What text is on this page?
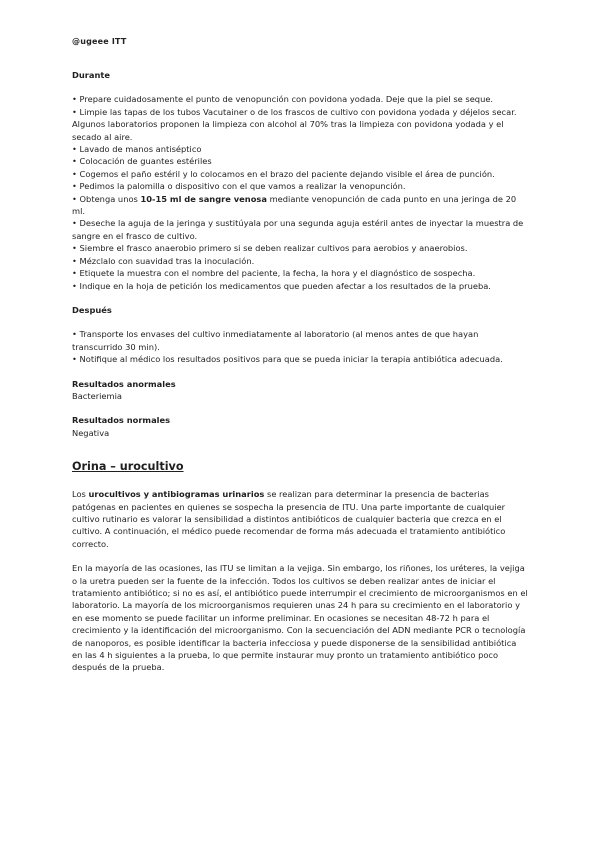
@ugeee ITT

Durante

• Prepare cuidadosamente el punto de venopunción con povidona yodada. Deje que la piel se seque.
• Limpie las tapas de los tubos Vacutainer o de los frascos de cultivo con povidona yodada y déjelos secar. Algunos laboratorios proponen la limpieza con alcohol al 70% tras la limpieza con povidona yodada y el secado al aire.
• Lavado de manos antiséptico
• Colocación de guantes estériles
• Cogemos el paño estéril y lo colocamos en el brazo del paciente dejando visible el área de punción.
• Pedimos la palomilla o dispositivo con el que vamos a realizar la venopunción.
• Obtenga unos 10-15 ml de sangre venosa mediante venopunción de cada punto en una jeringa de 20 ml.
• Deseche la aguja de la jeringa y sustitúyala por una segunda aguja estéril antes de inyectar la muestra de sangre en el frasco de cultivo.
• Siembre el frasco anaerobio primero si se deben realizar cultivos para aerobios y anaerobios.
• Mézclalo con suavidad tras la inoculación.
• Etiquete la muestra con el nombre del paciente, la fecha, la hora y el diagnóstico de sospecha.
• Indique en la hoja de petición los medicamentos que pueden afectar a los resultados de la prueba.

Después

• Transporte los envases del cultivo inmediatamente al laboratorio (al menos antes de que hayan transcurrido 30 min).
• Notifique al médico los resultados positivos para que se pueda iniciar la terapia antibiótica adecuada.

Resultados anormales

Bacteriemia

Resultados normales

Negativa

Orina – urocultivo

Los urocultivos y antibiogramas urinarios se realizan para determinar la presencia de bacterias patógenas en pacientes en quienes se sospecha la presencia de ITU. Una parte importante de cualquier cultivo rutinario es valorar la sensibilidad a distintos antibióticos de cualquier bacteria que crezca en el cultivo. A continuación, el médico puede recomendar de forma más adecuada el tratamiento antibiótico correcto.

En la mayoría de las ocasiones, las ITU se limitan a la vejiga. Sin embargo, los riñones, los uréteres, la vejiga o la uretra pueden ser la fuente de la infección. Todos los cultivos se deben realizar antes de iniciar el tratamiento antibiótico; si no es así, el antibiótico puede interrumpir el crecimiento de microorganismos en el laboratorio. La mayoría de los microorganismos requieren unas 24 h para su crecimiento en el laboratorio y en ese momento se puede facilitar un informe preliminar. En ocasiones se necesitan 48-72 h para el crecimiento y la identificación del microorganismo. Con la secuenciación del ADN mediante PCR o tecnología de nanoporos, es posible identificar la bacteria infecciosa y puede disponerse de la sensibilidad antibiótica en las 4 h siguientes a la prueba, lo que permite instaurar muy pronto un tratamiento antibiótico poco después de la prueba.
